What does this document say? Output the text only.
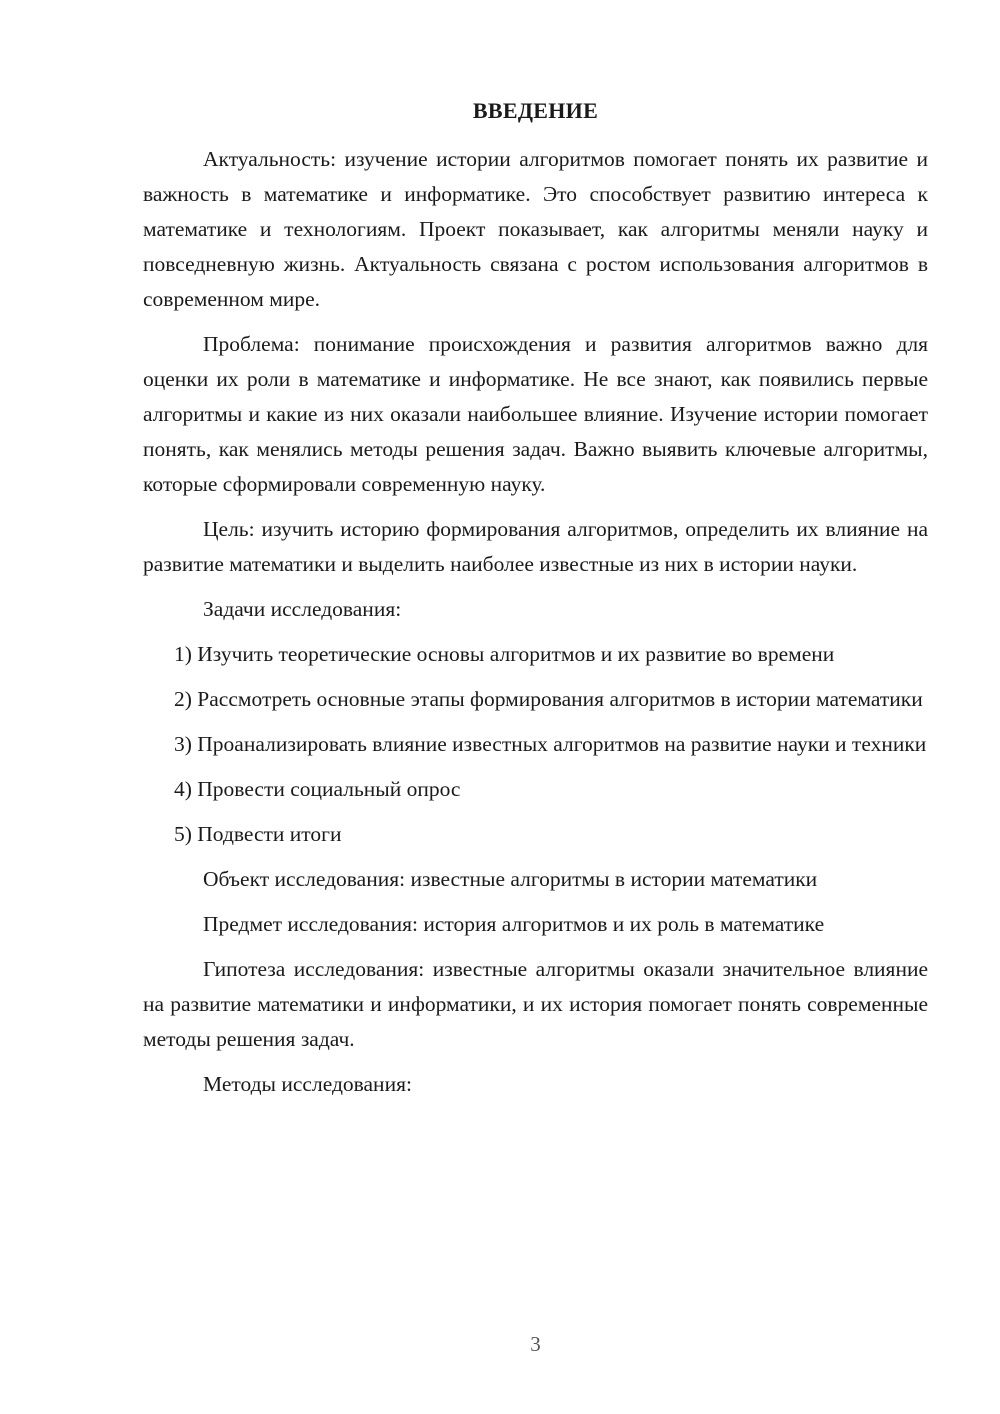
ВВЕДЕНИЕ

Актуальность: изучение истории алгоритмов помогает понять их развитие и важность в математике и информатике. Это способствует развитию интереса к математике и технологиям. Проект показывает, как алгоритмы меняли науку и повседневную жизнь. Актуальность связана с ростом использования алгоритмов в современном мире.

Проблема: понимание происхождения и развития алгоритмов важно для оценки их роли в математике и информатике. Не все знают, как появились первые алгоритмы и какие из них оказали наибольшее влияние. Изучение истории помогает понять, как менялись методы решения задач. Важно выявить ключевые алгоритмы, которые сформировали современную науку.

Цель: изучить историю формирования алгоритмов, определить их влияние на развитие математики и выделить наиболее известные из них в истории науки.

Задачи исследования:

1) Изучить теоретические основы алгоритмов и их развитие во времени

2) Рассмотреть основные этапы формирования алгоритмов в истории математики

3) Проанализировать влияние известных алгоритмов на развитие науки и техники

4) Провести социальный опрос

5) Подвести итоги

Объект исследования: известные алгоритмы в истории математики

Предмет исследования: история алгоритмов и их роль в математике

Гипотеза исследования: известные алгоритмы оказали значительное влияние на развитие математики и информатики, и их история помогает понять современные методы решения задач.

Методы исследования:

3
